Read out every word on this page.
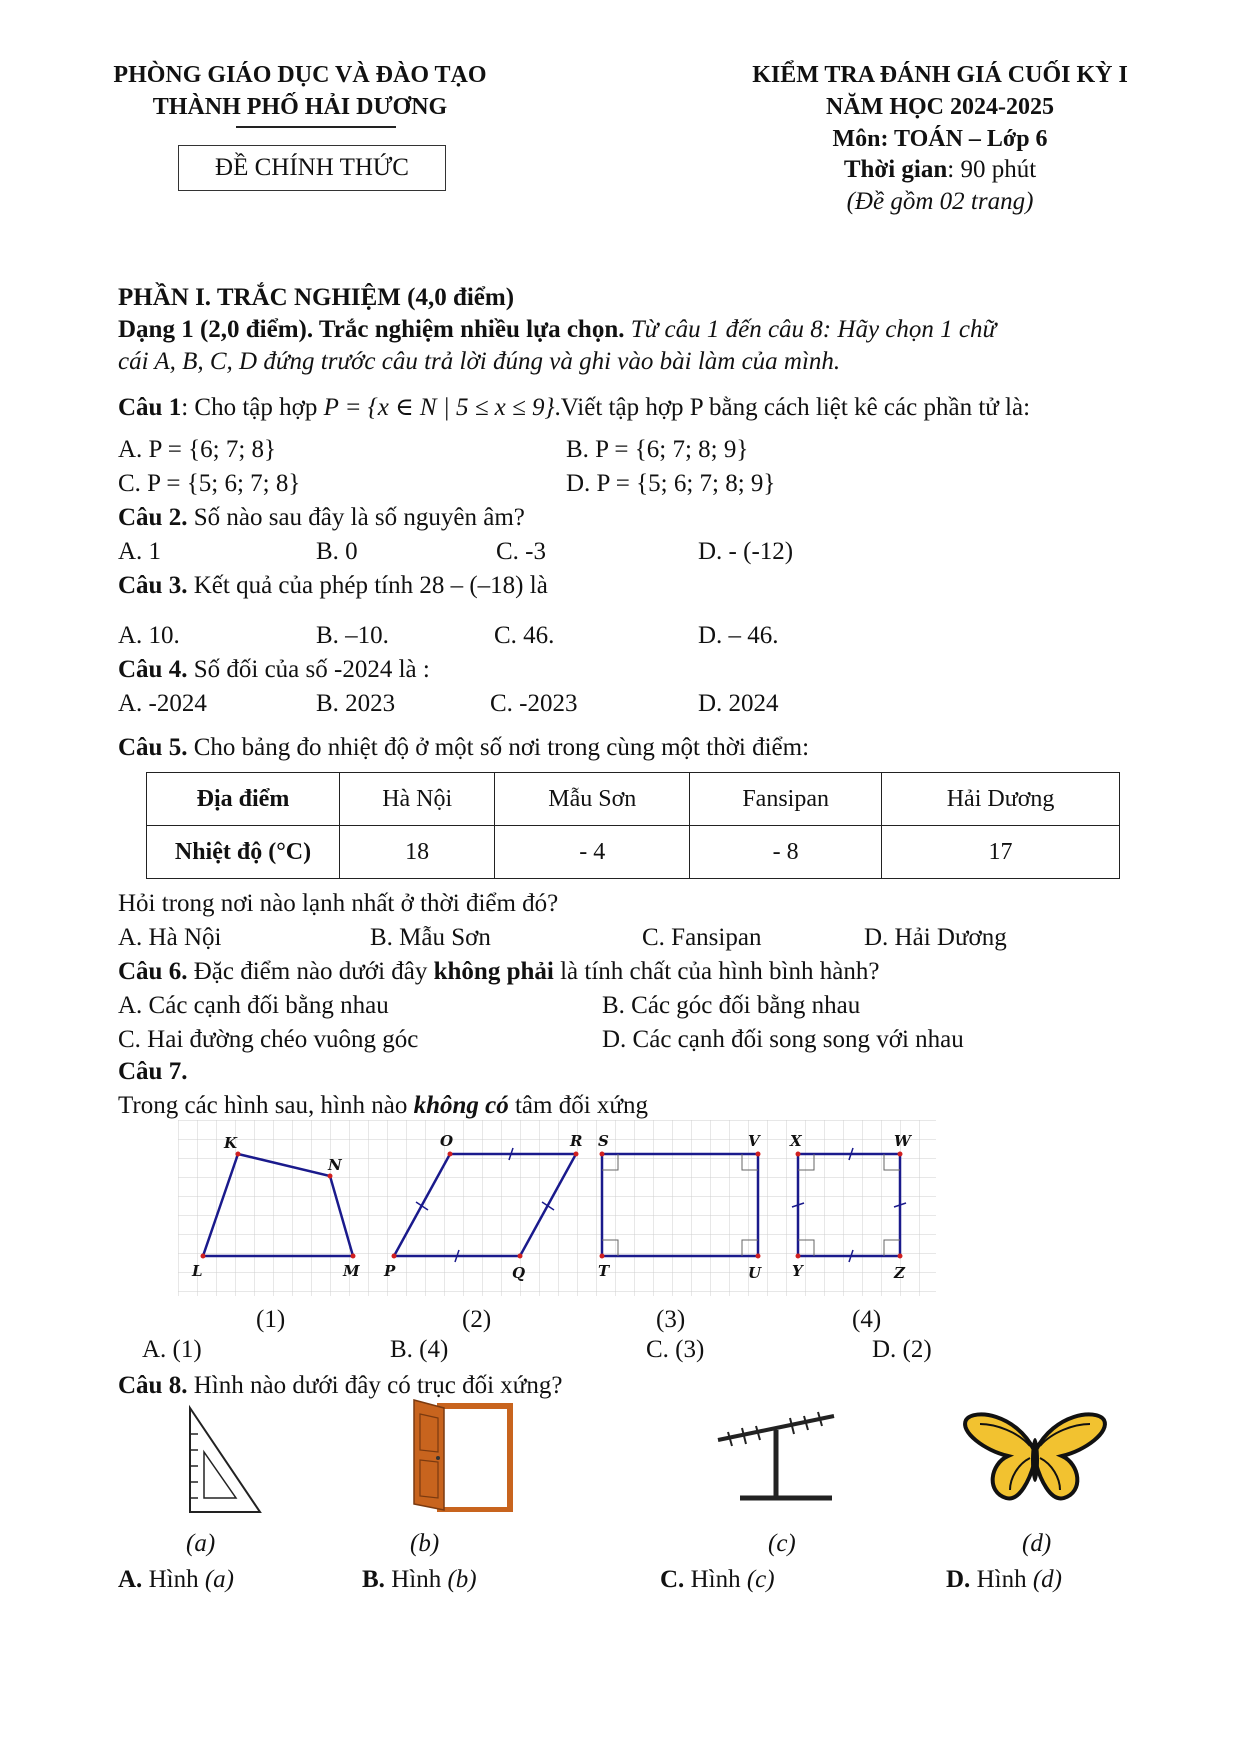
PHÒNG GIÁO DỤC VÀ ĐÀO TẠO
THÀNH PHỐ HẢI DƯƠNG
ĐỀ CHÍNH THỨC
KIỂM TRA ĐÁNH GIÁ CUỐI KỲ I
NĂM HỌC 2024-2025
Môn: TOÁN – Lớp 6
Thời gian: 90 phút
(Đề gồm 02 trang)
PHẦN I. TRẮC NGHIỆM (4,0 điểm)
Dạng 1 (2,0 điểm). Trắc nghiệm nhiều lựa chọn. Từ câu 1 đến câu 8: Hãy chọn 1 chữ
cái A, B, C, D đứng trước câu trả lời đúng và ghi vào bài làm của mình.
Câu 1: Cho tập hợp P = {x ∈ N | 5 ≤ x ≤ 9}.Viết tập hợp P bằng cách liệt kê các phần tử là:
A. P = {6; 7; 8}	B. P = {6; 7; 8; 9}
C. P = {5; 6; 7; 8}	D. P = {5; 6; 7; 8; 9}
Câu 2. Số nào sau đây là số nguyên âm?
A. 1	B. 0	C. -3	D. - (-12)
Câu 3. Kết quả của phép tính 28 – (–18) là
A. 10.	B. –10.	C. 46.	D. – 46.
Câu 4. Số đối của số -2024 là :
A. -2024	B. 2023	C. -2023	D. 2024
Câu 5. Cho bảng đo nhiệt độ ở một số nơi trong cùng một thời điểm:
Địa điểm	Hà Nội	Mẫu Sơn	Fansipan	Hải Dương
Nhiệt độ (°C)	18	- 4	- 8	17
Hỏi trong nơi nào lạnh nhất ở thời điểm đó?
A. Hà Nội	B. Mẫu Sơn	C. Fansipan	D. Hải Dương
Câu 6. Đặc điểm nào dưới đây không phải là tính chất của hình bình hành?
A. Các cạnh đối bằng nhau	B. Các góc đối bằng nhau
C. Hai đường chéo vuông góc	D. Các cạnh đối song song với nhau
Câu 7.
Trong các hình sau, hình nào không có tâm đối xứng
K
N
M
L
O	R
Q
P
S	V
T	U
X	W
Y	Z
(1)	(2)	(3)	(4)
A. (1)	B. (4)	C. (3)	D. (2)
Câu 8. Hình nào dưới đây có trục đối xứng?
(a)	(b)	(c)	(d)
A. Hình (a)	B. Hình (b)	C. Hình (c)	D. Hình (d)
